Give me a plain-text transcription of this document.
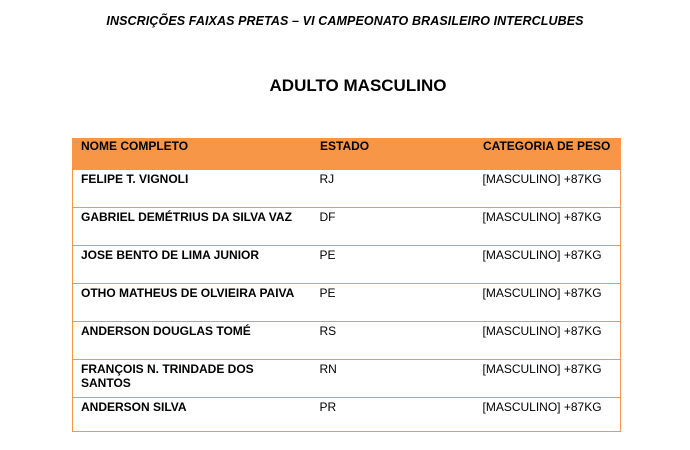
INSCRIÇÕES FAIXAS PRETAS – VI CAMPEONATO BRASILEIRO INTERCLUBES
ADULTO MASCULINO
NOME COMPLETO	ESTADO	CATEGORIA DE PESO
FELIPE T. VIGNOLI	RJ	[MASCULINO] +87KG
GABRIEL DEMÉTRIUS DA SILVA VAZ	DF	[MASCULINO] +87KG
JOSE BENTO DE LIMA JUNIOR	PE	[MASCULINO] +87KG
OTHO MATHEUS DE OLVIEIRA PAIVA	PE	[MASCULINO] +87KG
ANDERSON DOUGLAS TOMÉ	RS	[MASCULINO] +87KG
FRANÇOIS N. TRINDADE DOS SANTOS	RN	[MASCULINO] +87KG
ANDERSON SILVA	PR	[MASCULINO] +87KG
